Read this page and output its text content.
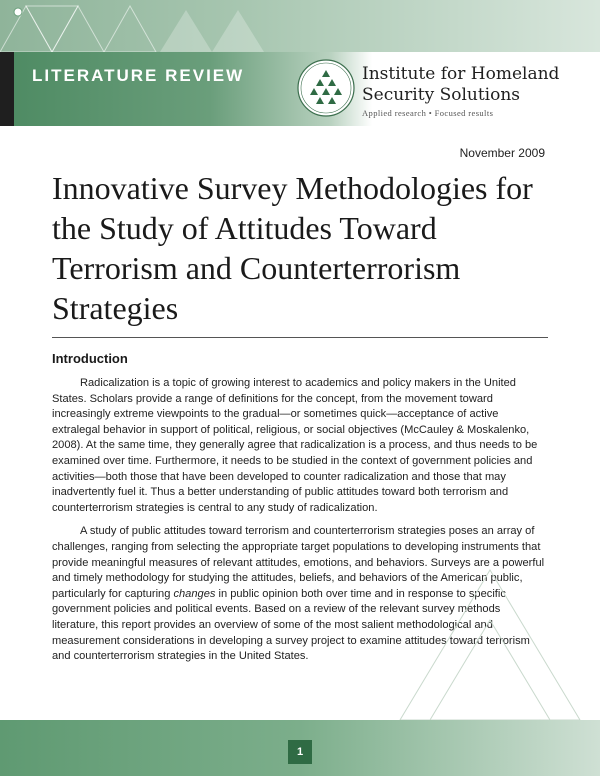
LITERATURE REVIEW	Institute for Homeland
Security Solutions
Applied research • Focused results
November 2009
Innovative Survey Methodologies for the Study of Attitudes Toward Terrorism and Counterterrorism Strategies
Introduction

Radicalization is a topic of growing interest to academics and policy makers in the United States. Scholars provide a range of definitions for the concept, from the movement toward increasingly extreme viewpoints to the gradual—or sometimes quick—acceptance of active extralegal behavior in support of political, religious, or social objectives (McCauley & Moskalenko, 2008). At the same time, they generally agree that radicalization is a process, and thus needs to be examined over time. Furthermore, it needs to be studied in the context of government policies and activities—both those that have been developed to counter radicalization and those that may inadvertently fuel it. Thus a better understanding of public attitudes toward both terrorism and counterterrorism strategies is central to any study of radicalization.

A study of public attitudes toward terrorism and counterterrorism strategies poses an array of challenges, ranging from selecting the appropriate target populations to developing instruments that provide meaningful measures of relevant attitudes, emotions, and behaviors. Surveys are a powerful and timely methodology for studying the attitudes, beliefs, and behaviors of the American public, particularly for capturing changes in public opinion both over time and in response to specific government policies and political events. Based on a review of the relevant survey methods literature, this report provides an overview of some of the most salient methodological and measurement considerations in developing a survey project to examine attitudes toward terrorism and counterterrorism strategies in the United States.

1
